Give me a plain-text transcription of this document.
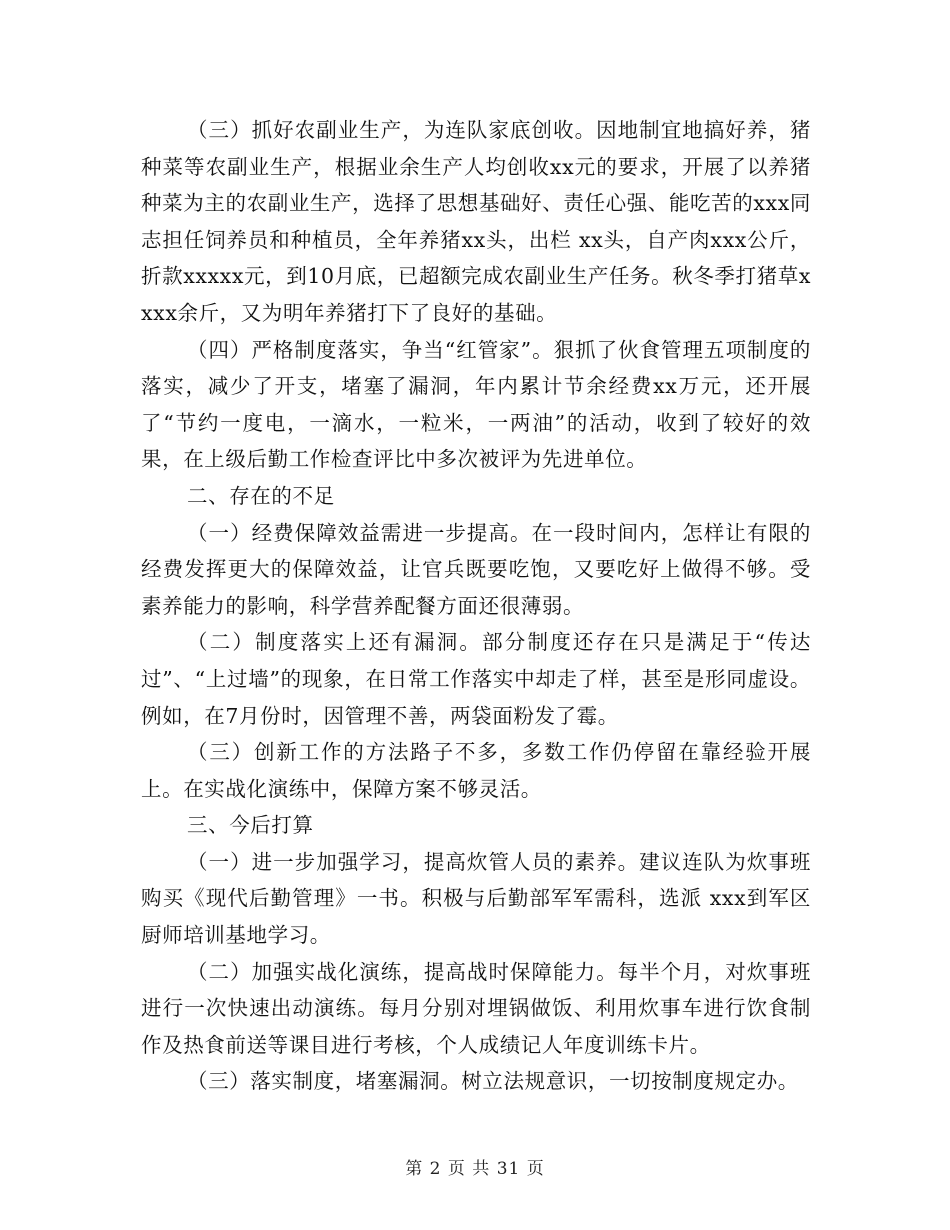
（三）抓好农副业生产，为连队家底创收。因地制宜地搞好养，猪种菜等农副业生产，根据业余生产人均创收xx元的要求，开展了以养猪种菜为主的农副业生产，选择了思想基础好、责任心强、能吃苦的xxx同志担任饲养员和种植员，全年养猪xx头，出栏 xx头，自产肉xxx公斤，折款xxxxx元，到10月底，已超额完成农副业生产任务。秋冬季打猪草xxxx余斤，又为明年养猪打下了良好的基础。

（四）严格制度落实，争当“红管家”。狠抓了伙食管理五项制度的落实，减少了开支，堵塞了漏洞，年内累计节余经费xx万元，还开展了“节约一度电，一滴水，一粒米，一两油”的活动，收到了较好的效果，在上级后勤工作检查评比中多次被评为先进单位。

二、存在的不足

（一）经费保障效益需进一步提高。在一段时间内，怎样让有限的经费发挥更大的保障效益，让官兵既要吃饱，又要吃好上做得不够。受素养能力的影响，科学营养配餐方面还很薄弱。

（二）制度落实上还有漏洞。部分制度还存在只是满足于“传达过”、“上过墙”的现象，在日常工作落实中却走了样，甚至是形同虚设。例如，在7月份时，因管理不善，两袋面粉发了霉。

（三）创新工作的方法路子不多，多数工作仍停留在靠经验开展上。在实战化演练中，保障方案不够灵活。

三、今后打算

（一）进一步加强学习，提高炊管人员的素养。建议连队为炊事班购买《现代后勤管理》一书。积极与后勤部军军需科，选派 xxx到军区厨师培训基地学习。

（二）加强实战化演练，提高战时保障能力。每半个月，对炊事班进行一次快速出动演练。每月分别对埋锅做饭、利用炊事车进行饮食制作及热食前送等课目进行考核，个人成绩记人年度训练卡片。

（三）落实制度，堵塞漏洞。树立法规意识，一切按制度规定办。

第 2 页 共 31 页
